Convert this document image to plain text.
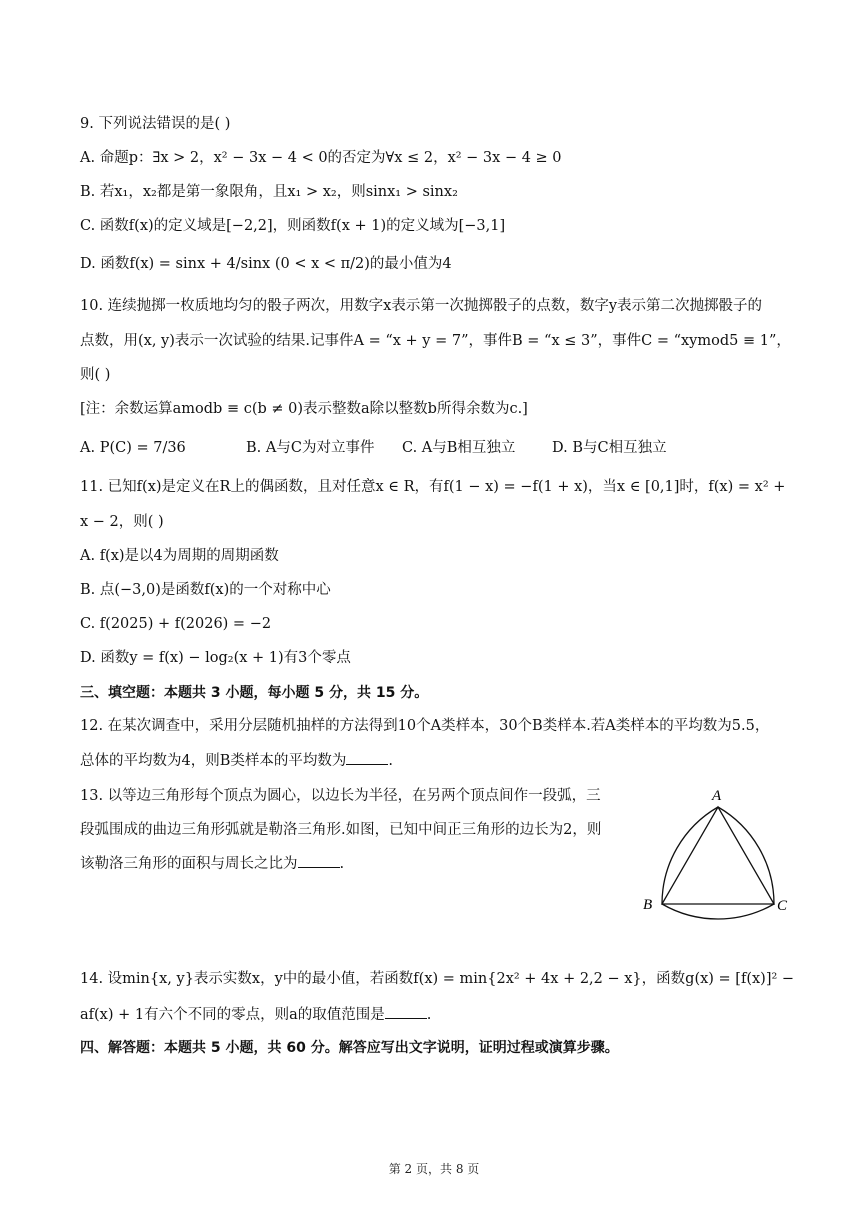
9. 下列说法错误的是( )
A. 命题p：∃x > 2，x² − 3x − 4 < 0的否定为∀x ≤ 2，x² − 3x − 4 ≥ 0
B. 若x₁，x₂都是第一象限角，且x₁ > x₂，则sinx₁ > sinx₂
C. 函数f(x)的定义域是[−2,2]，则函数f(x + 1)的定义域为[−3,1]
D. 函数f(x) = sinx + 4/sinx (0 < x < π/2)的最小值为4
10. 连续抛掷一枚质地均匀的骰子两次，用数字x表示第一次抛掷骰子的点数，数字y表示第二次抛掷骰子的
点数，用(x, y)表示一次试验的结果.记事件A = “x + y = 7”，事件B = “x ≤ 3”，事件C = “xymod5 ≡ 1”，
则( )
[注：余数运算amodb ≡ c(b ≠ 0)表示整数a除以整数b所得余数为c.]
A. P(C) = 7/36	B. A与C为对立事件 C. A与B相互独立	D. B与C相互独立
11. 已知f(x)是定义在R上的偶函数，且对任意x ∈ R，有f(1 − x) = −f(1 + x)，当x ∈ [0,1]时，f(x) = x² +
x − 2，则( )
A. f(x)是以4为周期的周期函数
B. 点(−3,0)是函数f(x)的一个对称中心
C. f(2025) + f(2026) = −2
D. 函数y = f(x) − log₂(x + 1)有3个零点
三、填空题：本题共 3 小题，每小题 5 分，共 15 分。
12. 在某次调查中，采用分层随机抽样的方法得到10个A类样本，30个B类样本.若A类样本的平均数为5.5，
总体的平均数为4，则B类样本的平均数为	.
13. 以等边三角形每个顶点为圆心，以边长为半径，在另两个顶点间作一段弧，三
段弧围成的曲边三角形弧就是勒洛三角形.如图，已知中间正三角形的边长为2，则
该勒洛三角形的面积与周长之比为	.
A
B	C
14. 设min{x, y}表示实数x，y中的最小值，若函数f(x) = min{2x² + 4x + 2,2 − x}，函数g(x) = [f(x)]² −
af(x) + 1有六个不同的零点，则a的取值范围是	.
四、解答题：本题共 5 小题，共 60 分。解答应写出文字说明，证明过程或演算步骤。
第 2 页，共 8 页
